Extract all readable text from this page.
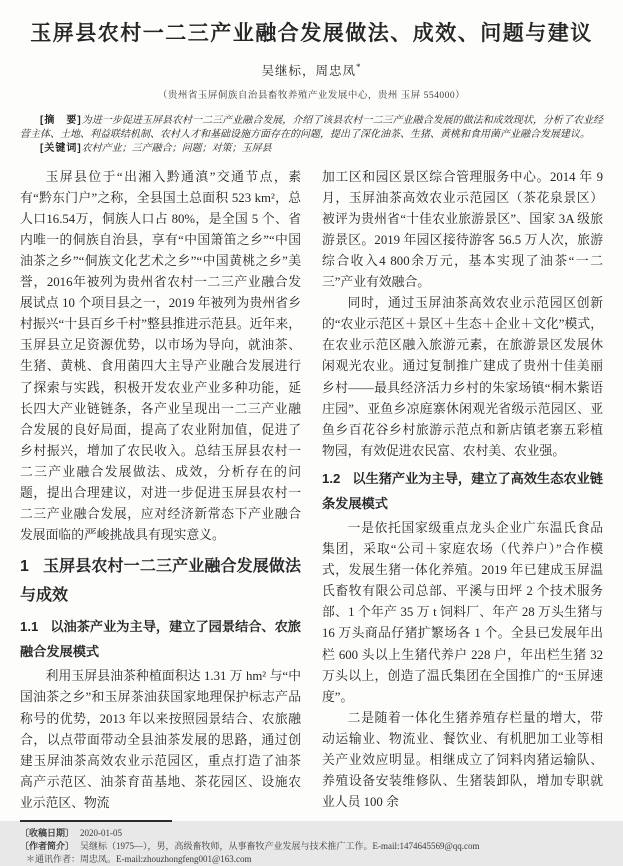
玉屏县农村一二三产业融合发展做法、成效、问题与建议
吴继标，周忠凤*
（贵州省玉屏侗族自治县畜牧养殖产业发展中心，贵州 玉屏 554000）

[摘　要]为进一步促进玉屏县农村一二三产业融合发展，介绍了该县农村一二三产业融合发展的做法和成效现状，分析了农业经营主体、土地、利益联结机制、农村人才和基础设施方面存在的问题，提出了深化油茶、生猪、黄桃和食用菌产业融合发展建议。

[关键词]农村产业；三产融合；问题；对策；玉屏县

玉屏县位于“出湘入黔通滇”交通节点，素有“黔东门户”之称，全县国土总面积 523 km²，总人口16.54万，侗族人口占 80%，是全国 5 个、省内唯一的侗族自治县，享有“中国箫笛之乡”“中国油茶之乡”“侗族文化艺术之乡”“中国黄桃之乡”美誉，2016年被列为贵州省农村一二三产业融合发展试点 10 个项目县之一，2019 年被列为贵州省乡村振兴“十县百乡千村”整县推进示范县。近年来，玉屏县立足资源优势，以市场为导向，就油茶、生猪、黄桃、食用菌四大主导产业融合发展进行了探索与实践，积极开发农业产业多种功能，延长四大产业链链条，各产业呈现出一二三产业融合发展的良好局面，提高了农业附加值，促进了乡村振兴，增加了农民收入。总结玉屏县农村一二三产业融合发展做法、成效，分析存在的问题，提出合理建议，对进一步促进玉屏县农村一二三产业融合发展，应对经济新常态下产业融合发展面临的严峻挑战具有现实意义。

1 玉屏县农村一二三产业融合发展做法与成效
1.1 以油茶产业为主导，建立了园景结合、农旅融合发展模式

利用玉屏县油茶种植面积达 1.31 万 hm² 与“中国油茶之乡”和玉屏茶油获国家地理保护标志产品称号的优势，2013 年以来按照园景结合、农旅融合，以点带面带动全县油茶发展的思路，通过创建玉屏油茶高效农业示范园区，重点打造了油茶高产示范区、油茶育苗基地、茶花园区、设施农业示范区、物流

加工区和园区景区综合管理服务中心。2014 年 9 月，玉屏油茶高效农业示范园区（茶花泉景区）被评为贵州省“十佳农业旅游景区”、国家 3A 级旅游景区。2019 年园区接待游客 56.5 万人次，旅游综合收入4 800余万元，基本实现了油茶“一二三”产业有效融合。

同时，通过玉屏油茶高效农业示范园区创新的“农业示范区＋景区＋生态＋企业＋文化”模式，在农业示范区融入旅游元素，在旅游景区发展休闲观光农业。通过复制推广建成了贵州十佳美丽乡村——最具经济活力乡村的朱家场镇“桐木紫语庄园”、亚鱼乡凉庭寨休闲观光省级示范园区、亚鱼乡百花谷乡村旅游示范点和新店镇老寨五彩植物园，有效促进农民富、农村美、农业强。

1.2 以生猪产业为主导，建立了高效生态农业链条发展模式

一是依托国家级重点龙头企业广东温氏食品集团，采取“公司＋家庭农场（代养户）”合作模式，发展生猪一体化养殖。2019 年已建成玉屏温氏畜牧有限公司总部、平溪与田坪 2 个技术服务部、1 个年产 35 万 t 饲料厂、年产 28 万头生猪与 16 万头商品仔猪扩繁场各 1 个。全县已发展年出栏 600 头以上生猪代养户 228 户，年出栏生猪 32 万头以上，创造了温氏集团在全国推广的“玉屏速度”。

二是随着一体化生猪养殖存栏量的增大，带动运输业、物流业、餐饮业、有机肥加工业等相关产业效应明显。相继成立了饲料肉猪运输队、养殖设备安装维修队、生猪装卸队，增加专职就业人员 100 余

〔收稿日期〕 2020-01-05
〔作者简介〕 吴继标（1975—），男，高级畜牧师，从事畜牧产业发展与技术推广工作。E-mail:1474645569@qq.com
＊通讯作者：周忠凤。E-mail:zhouzhongfeng001@163.com
